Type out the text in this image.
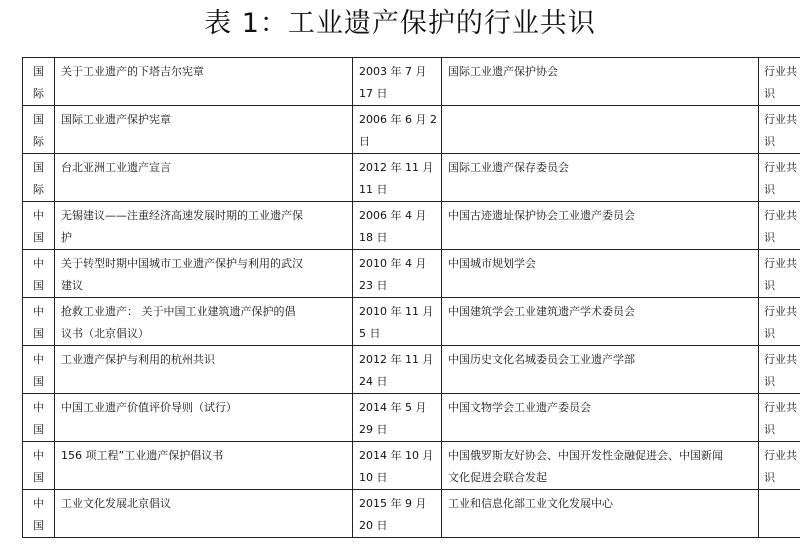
表 1：工业遗产保护的行业共识
国
际	关于工业遗产的下塔吉尔宪章	2003 年 7 月
17 日	国际工业遗产保护协会	行业共
识

国
际	国际工业遗产保护宪章	2006 年 6 月 2
日		行业共
识

国
际	台北亚洲工业遗产宣言	2012 年 11 月
11 日	国际工业遗产保存委员会	行业共
识

中
国	无锡建议——注重经济高速发展时期的工业遗产保
护	2006 年 4 月
18 日	中国古迹遗址保护协会工业遗产委员会	行业共
识

中
国	关于转型时期中国城市工业遗产保护与利用的武汉
建议	2010 年 4 月
23 日	中国城市规划学会	行业共
识

中
国	抢救工业遗产： 关于中国工业建筑遗产保护的倡
议书（北京倡议）	2010 年 11 月
5 日	中国建筑学会工业建筑遗产学术委员会	行业共
识

中
国	工业遗产保护与利用的杭州共识	2012 年 11 月
24 日	中国历史文化名城委员会工业遗产学部	行业共
识

中
国	中国工业遗产价值评价导则（试行）	2014 年 5 月
29 日	中国文物学会工业遗产委员会	行业共
识

中
国	156 项工程”工业遗产保护倡议书	2014 年 10 月
10 日	中国俄罗斯友好协会、中国开发性金融促进会、中国新闻
文化促进会联合发起	行业共
识

中
国	工业文化发展北京倡议	2015 年 9 月
20 日	工业和信息化部工业文化发展中心	
